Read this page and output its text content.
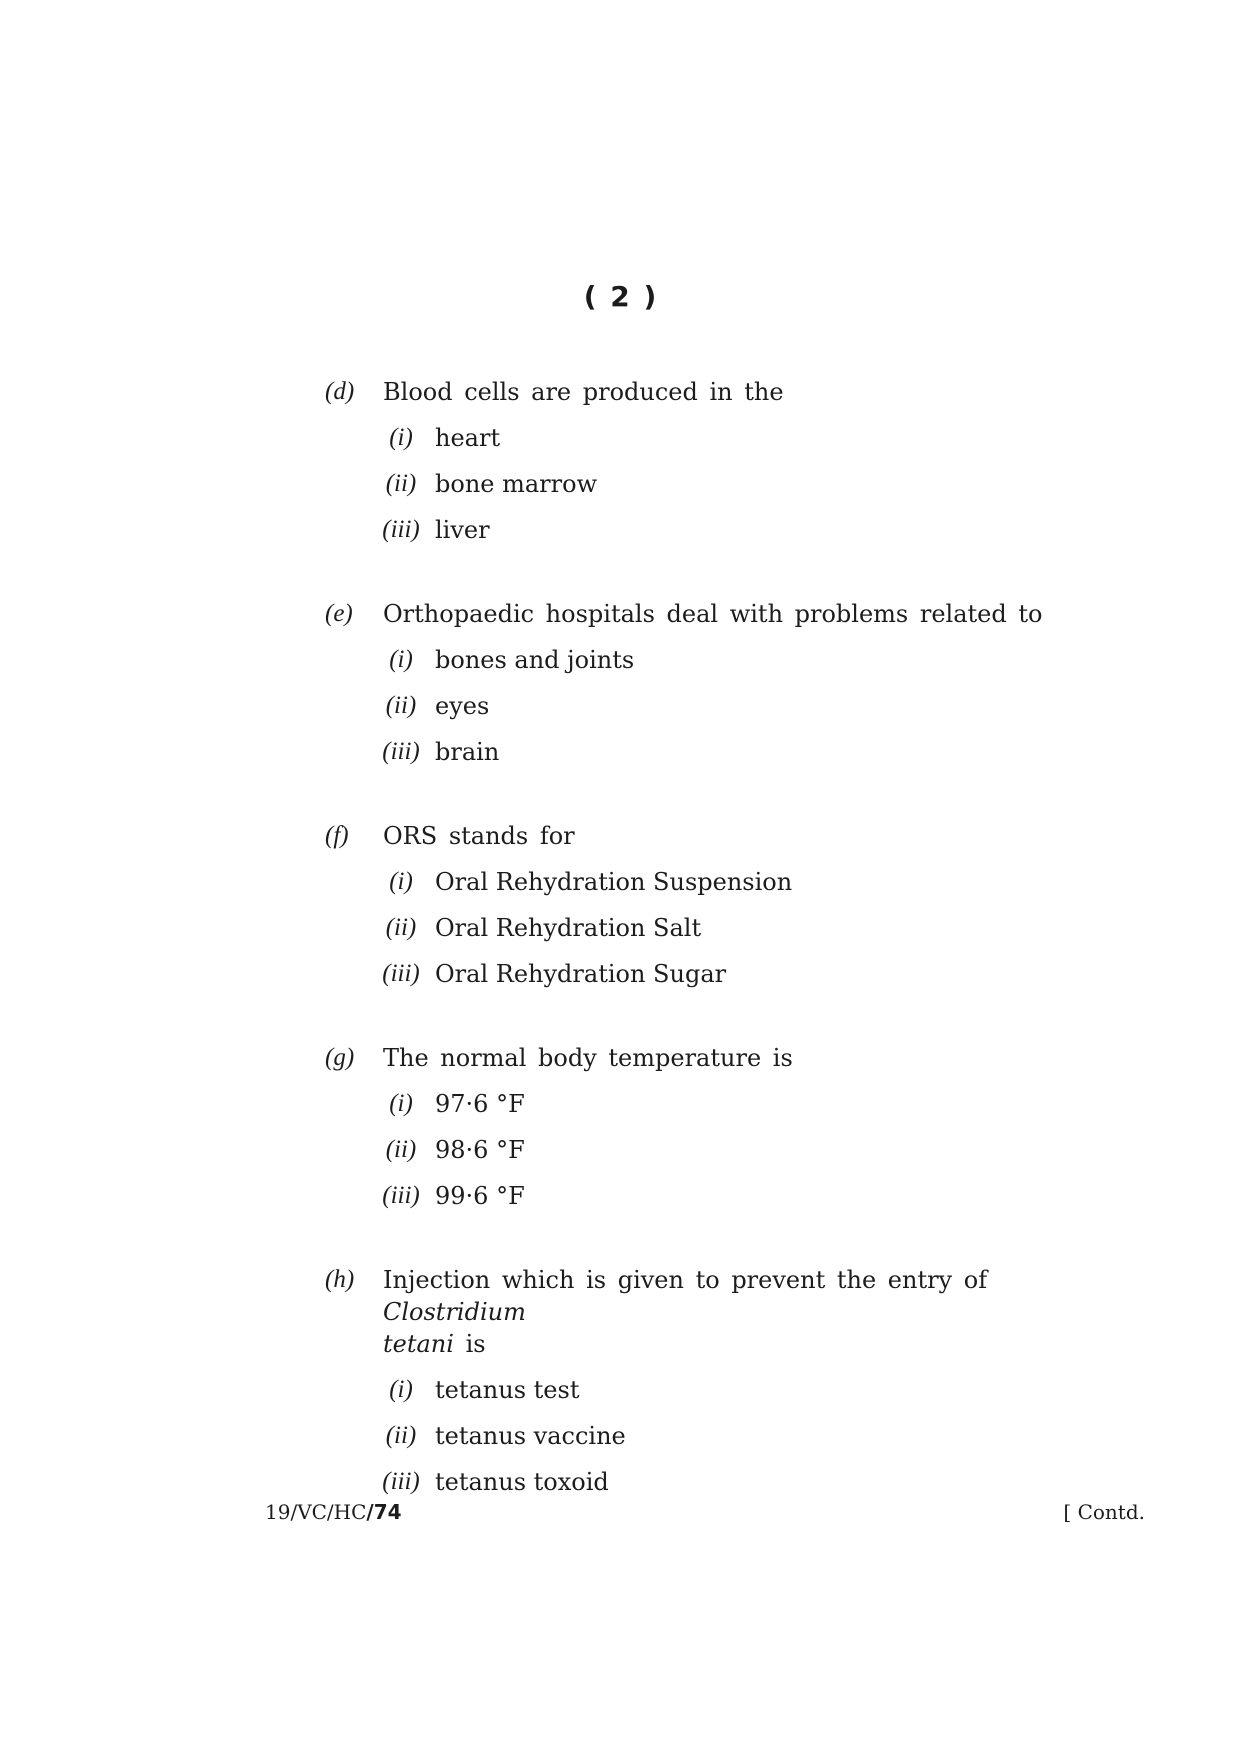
( 2 )
(d) Blood cells are produced in the
(i) heart
(ii) bone marrow
(iii) liver
(e) Orthopaedic hospitals deal with problems related to
(i) bones and joints
(ii) eyes
(iii) brain
(f) ORS stands for
(i) Oral Rehydration Suspension
(ii) Oral Rehydration Salt
(iii) Oral Rehydration Sugar
(g) The normal body temperature is
(i) 97·6 °F
(ii) 98·6 °F
(iii) 99·6 °F
(h) Injection which is given to prevent the entry of Clostridium
tetani is
(i) tetanus test
(ii) tetanus vaccine
(iii) tetanus toxoid
19/VC/HC/74	[ Contd.
